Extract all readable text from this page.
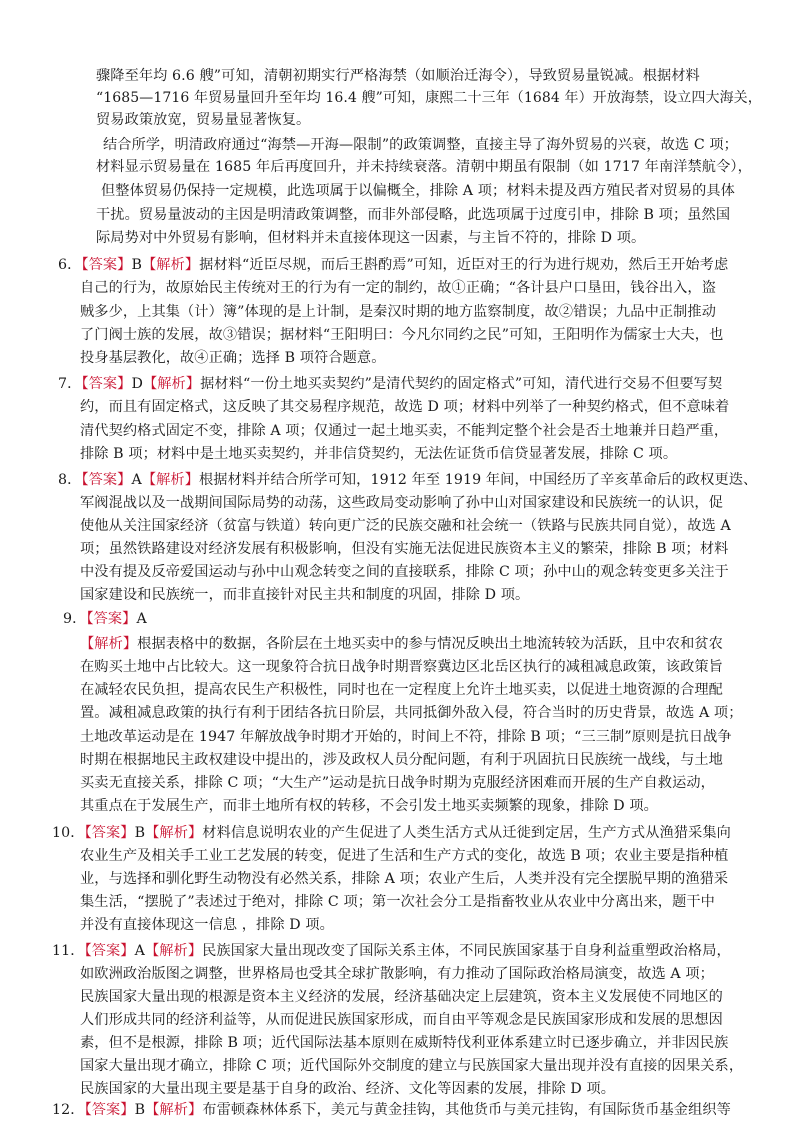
骤降至年均 6.6 艘”可知，清朝初期实行严格海禁（如顺治迁海令），导致贸易量锐减。根据材料
“1685—1716 年贸易量回升至年均 16.4 艘”可知，康熙二十三年（1684 年）开放海禁，设立四大海关，
贸易政策放宽，贸易量显著恢复。
结合所学，明清政府通过“海禁—开海—限制”的政策调整，直接主导了海外贸易的兴衰，故选 C 项；
材料显示贸易量在 1685 年后再度回升，并未持续衰落。清朝中期虽有限制（如 1717 年南洋禁航令），
但整体贸易仍保持一定规模，此选项属于以偏概全，排除 A 项；材料未提及西方殖民者对贸易的具体
干扰。贸易量波动的主因是明清政策调整，而非外部侵略，此选项属于过度引申，排除 B 项；虽然国
际局势对中外贸易有影响，但材料并未直接体现这一因素，与主旨不符的，排除 D 项。
6．【答案】B【解析】据材料“近臣尽规，而后王斟酌焉”可知，近臣对王的行为进行规劝，然后王开始考虑
自己的行为，故原始民主传统对王的行为有一定的制约，故①正确；“各计县户口垦田，钱谷出入，盗
贼多少，上其集（计）簿”体现的是上计制，是秦汉时期的地方监察制度，故②错误；九品中正制推动
了门阀士族的发展，故③错误；据材料“王阳明曰：今凡尔同约之民”可知，王阳明作为儒家士大夫，也
投身基层教化，故④正确；选择 B 项符合题意。
7．【答案】D【解析】据材料“一份土地买卖契约”是清代契约的固定格式”可知，清代进行交易不但要写契
约，而且有固定格式，这反映了其交易程序规范，故选 D 项；材料中列举了一种契约格式，但不意味着
清代契约格式固定不变，排除 A 项；仅通过一起土地买卖，不能判定整个社会是否土地兼并日趋严重，
排除 B 项；材料中是土地买卖契约，并非信贷契约，无法佐证货币信贷显著发展，排除 C 项。
8．【答案】A【解析】根据材料并结合所学可知，1912 年至 1919 年间，中国经历了辛亥革命后的政权更迭、
军阀混战以及一战期间国际局势的动荡，这些政局变动影响了孙中山对国家建设和民族统一的认识，促
使他从关注国家经济（贫富与铁道）转向更广泛的民族交融和社会统一（铁路与民族共同自觉），故选 A
项；虽然铁路建设对经济发展有积极影响，但没有实施无法促进民族资本主义的繁荣，排除 B 项；材料
中没有提及反帝爱国运动与孙中山观念转变之间的直接联系，排除 C 项；孙中山的观念转变更多关注于
国家建设和民族统一，而非直接针对民主共和制度的巩固，排除 D 项。
9．【答案】A
【解析】根据表格中的数据，各阶层在土地买卖中的参与情况反映出土地流转较为活跃，且中农和贫农
在购买土地中占比较大。这一现象符合抗日战争时期晋察冀边区北岳区执行的减租减息政策，该政策旨
在减轻农民负担，提高农民生产积极性，同时也在一定程度上允许土地买卖，以促进土地资源的合理配
置。减租减息政策的执行有利于团结各抗日阶层，共同抵御外敌入侵，符合当时的历史背景，故选 A 项；
土地改革运动是在 1947 年解放战争时期才开始的，时间上不符，排除 B 项；“三三制”原则是抗日战争
时期在根据地民主政权建设中提出的，涉及政权人员分配问题，有利于巩固抗日民族统一战线，与土地
买卖无直接关系，排除 C 项；“大生产”运动是抗日战争时期为克服经济困难而开展的生产自救运动，
其重点在于发展生产，而非土地所有权的转移，不会引发土地买卖频繁的现象，排除 D 项。
10．【答案】B【解析】材料信息说明农业的产生促进了人类生活方式从迁徙到定居，生产方式从渔猎采集向
农业生产及相关手工业工艺发展的转变，促进了生活和生产方式的变化，故选 B 项；农业主要是指种植
业，与选择和驯化野生动物没有必然关系，排除 A 项；农业产生后，人类并没有完全摆脱早期的渔猎采
集生活，“摆脱了”表述过于绝对，排除 C 项；第一次社会分工是指畜牧业从农业中分离出来，题干中
并没有直接体现这一信息 ，排除 D 项。
11．【答案】A【解析】民族国家大量出现改变了国际关系主体，不同民族国家基于自身利益重塑政治格局，
如欧洲政治版图之调整，世界格局也受其全球扩散影响，有力推动了国际政治格局演变，故选 A 项；
民族国家大量出现的根源是资本主义经济的发展，经济基础决定上层建筑，资本主义发展使不同地区的
人们形成共同的经济利益等，从而促进民族国家形成，而自由平等观念是民族国家形成和发展的思想因
素，但不是根源，排除 B 项；近代国际法基本原则在威斯特伐利亚体系建立时已逐步确立，并非因民族
国家大量出现才确立，排除 C 项；近代国际外交制度的建立与民族国家大量出现并没有直接的因果关系，
民族国家的大量出现主要是基于自身的政治、经济、文化等因素的发展，排除 D 项。
12．【答案】B【解析】布雷顿森林体系下，美元与黄金挂钩，其他货币与美元挂钩，有国际货币基金组织等
